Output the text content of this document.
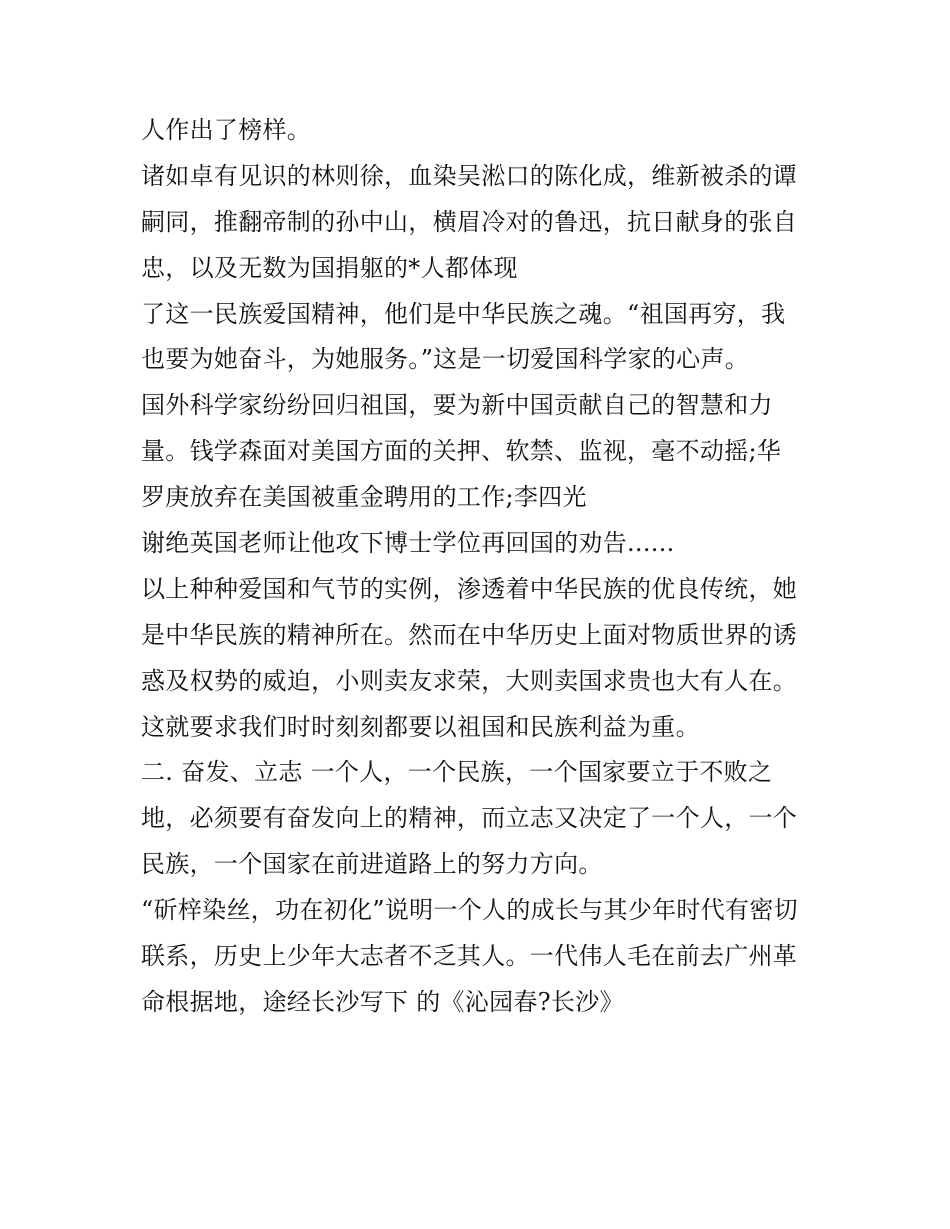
人作出了榜样。
诸如卓有见识的林则徐，血染吴淞口的陈化成，维新被杀的谭
嗣同，推翻帝制的孙中山，横眉冷对的鲁迅，抗日献身的张自
忠，以及无数为国捐躯的*人都体现
了这一民族爱国精神，他们是中华民族之魂。“祖国再穷，我
也要为她奋斗，为她服务。”这是一切爱国科学家的心声。
国外科学家纷纷回归祖国，要为新中国贡献自己的智慧和力
量。钱学森面对美国方面的关押、软禁、监视，毫不动摇;华
罗庚放弃在美国被重金聘用的工作;李四光
谢绝英国老师让他攻下博士学位再回国的劝告......
以上种种爱国和气节的实例，渗透着中华民族的优良传统，她
是中华民族的精神所在。然而在中华历史上面对物质世界的诱
惑及权势的威迫，小则卖友求荣，大则卖国求贵也大有人在。
这就要求我们时时刻刻都要以祖国和民族利益为重。
二. 奋发、立志 一个人，一个民族，一个国家要立于不败之
地，必须要有奋发向上的精神，而立志又决定了一个人，一个
民族，一个国家在前进道路上的努力方向。
“斫梓染丝，功在初化”说明一个人的成长与其少年时代有密切
联系，历史上少年大志者不乏其人。一代伟人毛在前去广州革
命根据地，途经长沙写下 的《沁园春?长沙》
